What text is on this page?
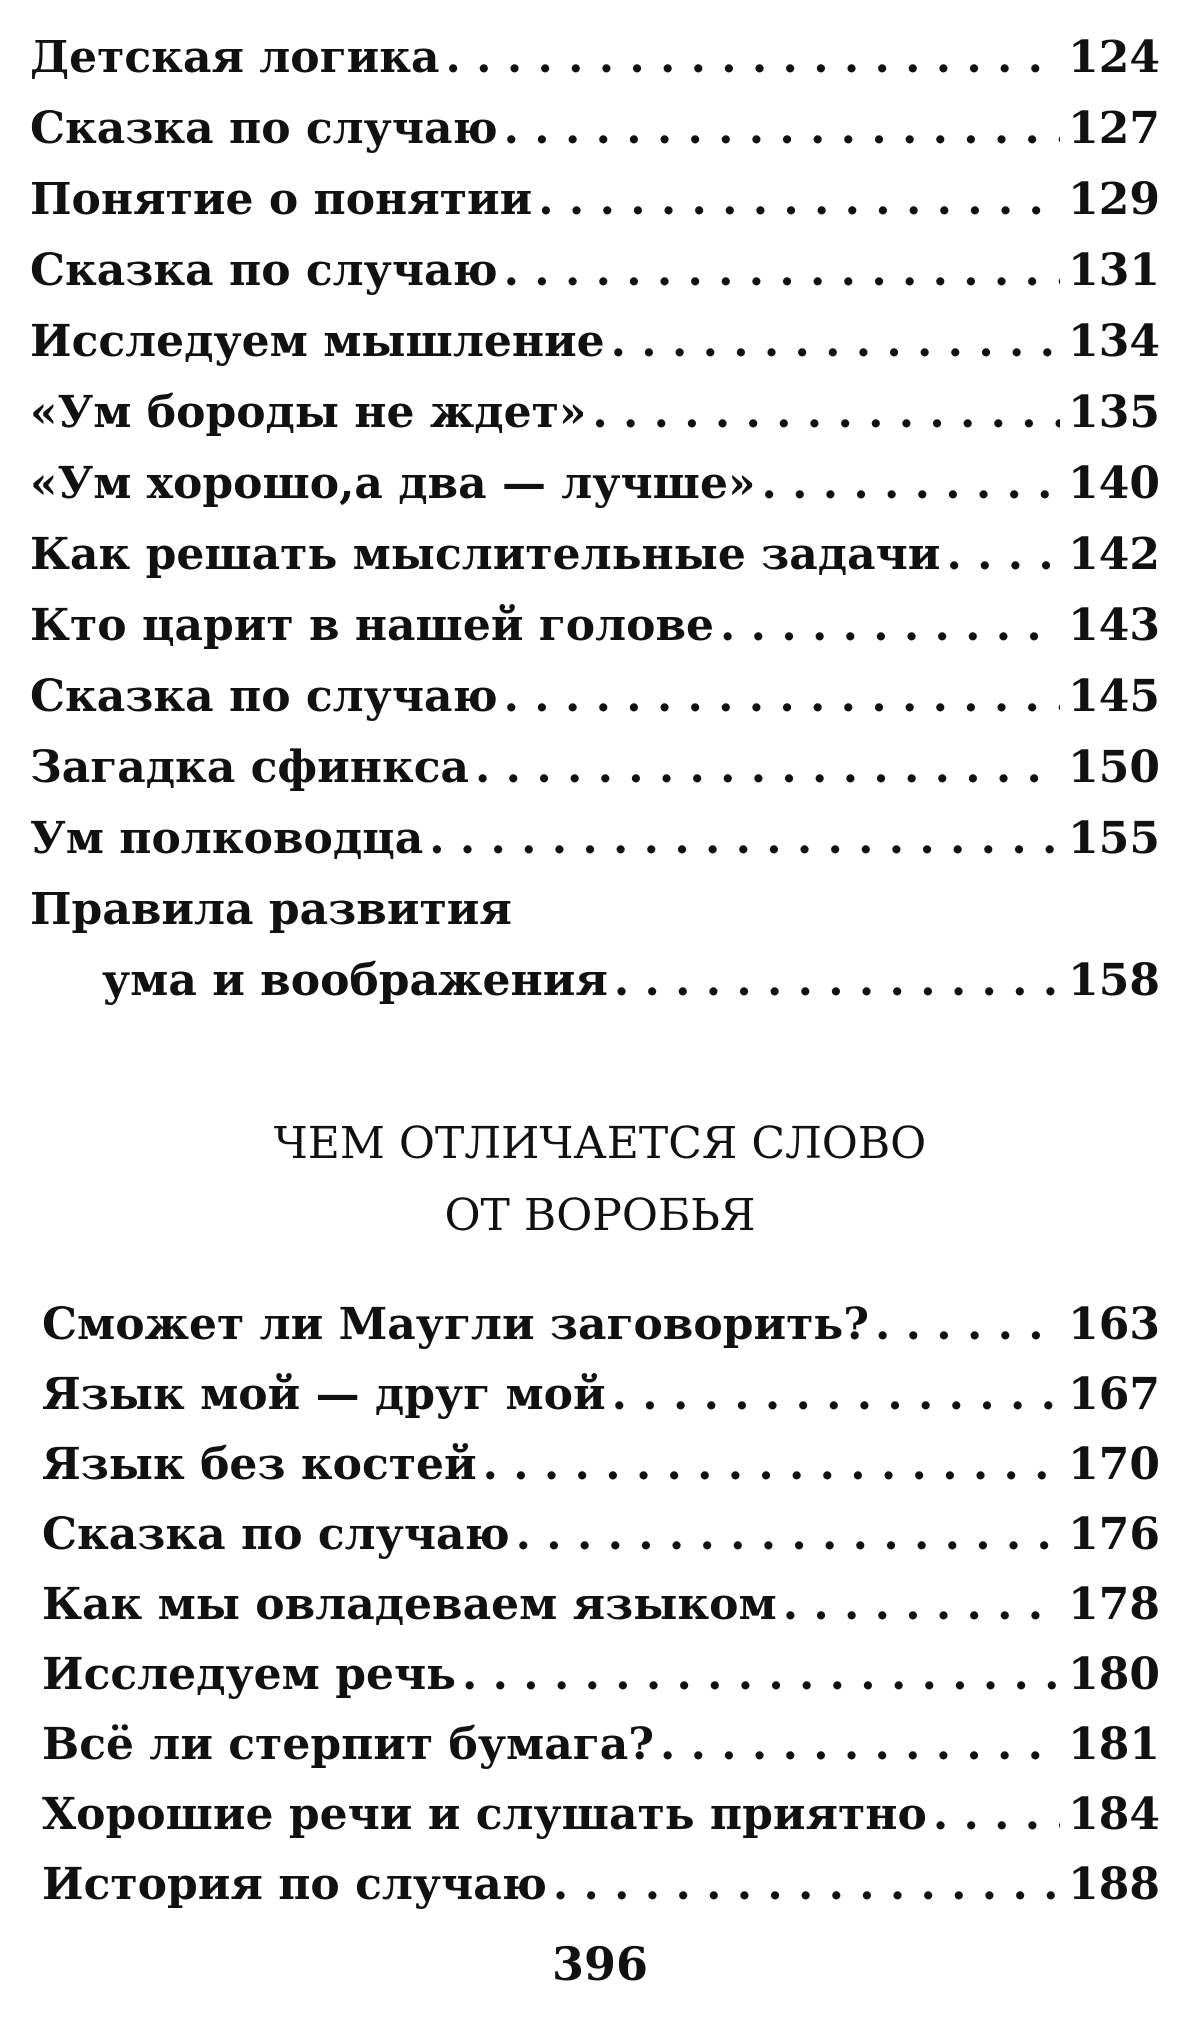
Детская логика . . .	124
Сказка по случаю . . .	127
Понятие о понятии . . .	129
Сказка по случаю . . .	131
Исследуем мышление . . .	134
«Ум бороды не ждет» . . .	135
«Ум хорошо,а два — лучше» . . .	140
Как решать мыслительные задачи . . .	142
Кто царит в нашей голове . . .	143
Сказка по случаю . . .	145
Загадка сфинкса . . .	150
Ум полководца . . .	155
Правила развития
ума и воображения . . .	158
ЧЕМ ОТЛИЧАЕТСЯ СЛОВО
ОТ ВОРОБЬЯ
Сможет ли Маугли заговорить? . . .	163
Язык мой — друг мой . . .	167
Язык без костей . . .	170
Сказка по случаю . . .	176
Как мы овладеваем языком . . .	178
Исследуем речь . . .	180
Всё ли стерпит бумага? . . .	181
Хорошие речи и слушать приятно . . .	184
История по случаю . . .	188
396
